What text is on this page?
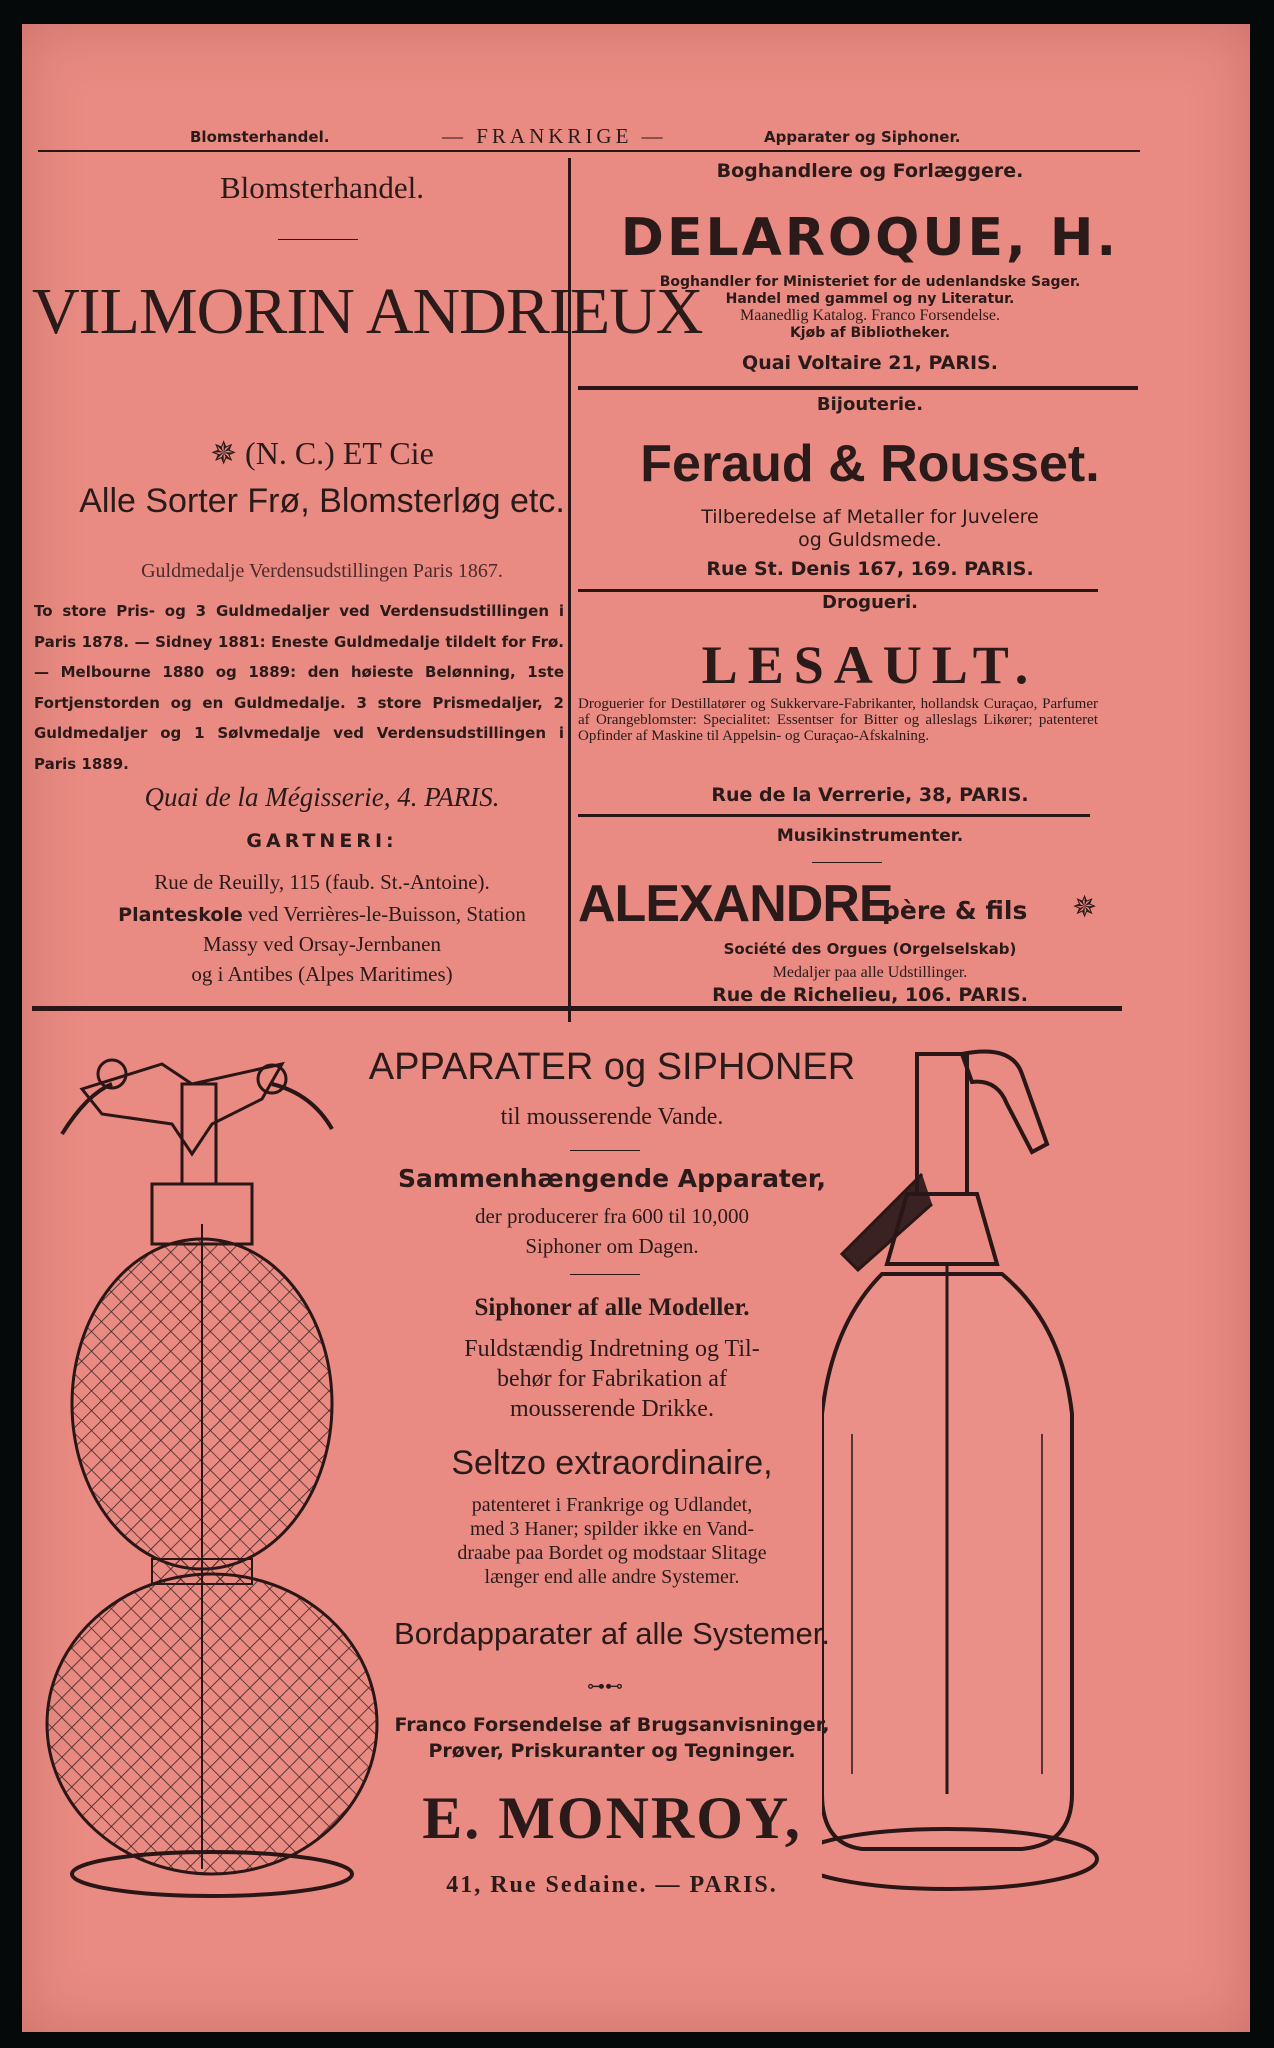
Blomsterhandel.	— FRANKRIGE —	Apparater og Siphoner.
Blomsterhandel.
VILMORIN ANDRIEUX
✵ (N. C.) ET Cie
Alle Sorter Frø, Blomsterløg etc.
Guldmedalje Verdensudstillingen Paris 1867.
To store Pris- og 3 Guldmedaljer ved Verdensudstillingen i Paris 1878. — Sidney 1881: Eneste Guldmedalje tildelt for Frø. — Melbourne 1880 og 1889: den høieste Belønning, 1ste Fortjenstorden og en Guldmedalje. 3 store Prismedaljer, 2 Guldmedaljer og 1 Sølvmedalje ved Verdensudstillingen i Paris 1889.
Quai de la Mégisserie, 4. PARIS.
GARTNERI:
Rue de Reuilly, 115 (faub. St.-Antoine).
Planteskole ved Verrières-le-Buisson, Station
Massy ved Orsay-Jernbanen
og i Antibes (Alpes Maritimes)
Boghandlere og Forlæggere.
DELAROQUE, H.
Boghandler for Ministeriet for de udenlandske Sager.
Handel med gammel og ny Literatur.
Maanedlig Katalog. Franco Forsendelse.
Kjøb af Bibliotheker.
Quai Voltaire 21, PARIS.
Bijouterie.
Feraud & Rousset.
Tilberedelse af Metaller for Juvelere
og Guldsmede.
Rue St. Denis 167, 169. PARIS.
Drogueri.
LESAULT.
Droguerier for Destillatører og Sukkervare-Fabrikanter, hollandsk Curaçao, Parfumer af Orangeblomster: Specialitet: Essentser for Bitter og alleslags Likører; patenteret Opfinder af Maskine til Appelsin- og Curaçao-Afskalning.
Rue de la Verrerie, 38, PARIS.
Musikinstrumenter.
ALEXANDRE
père & fils ✵
Société des Orgues (Orgelselskab)
Medaljer paa alle Udstillinger.
Rue de Richelieu, 106. PARIS.
APPARATER og SIPHONER
til mousserende Vande.
Sammenhængende Apparater,
der producerer fra 600 til 10,000
Siphoner om Dagen.
Siphoner af alle Modeller.
Fuldstændig Indretning og Til-
behør for Fabrikation af
mousserende Drikke.
Seltzo extraordinaire,
patenteret i Frankrige og Udlandet,
med 3 Haner; spilder ikke en Vand-
draabe paa Bordet og modstaar Slitage
længer end alle andre Systemer.
Bordapparater af alle Systemer.
⊶⊷
Franco Forsendelse af Brugsanvisninger,
Prøver, Priskuranter og Tegninger.
E. MONROY,
41, Rue Sedaine. — PARIS.
